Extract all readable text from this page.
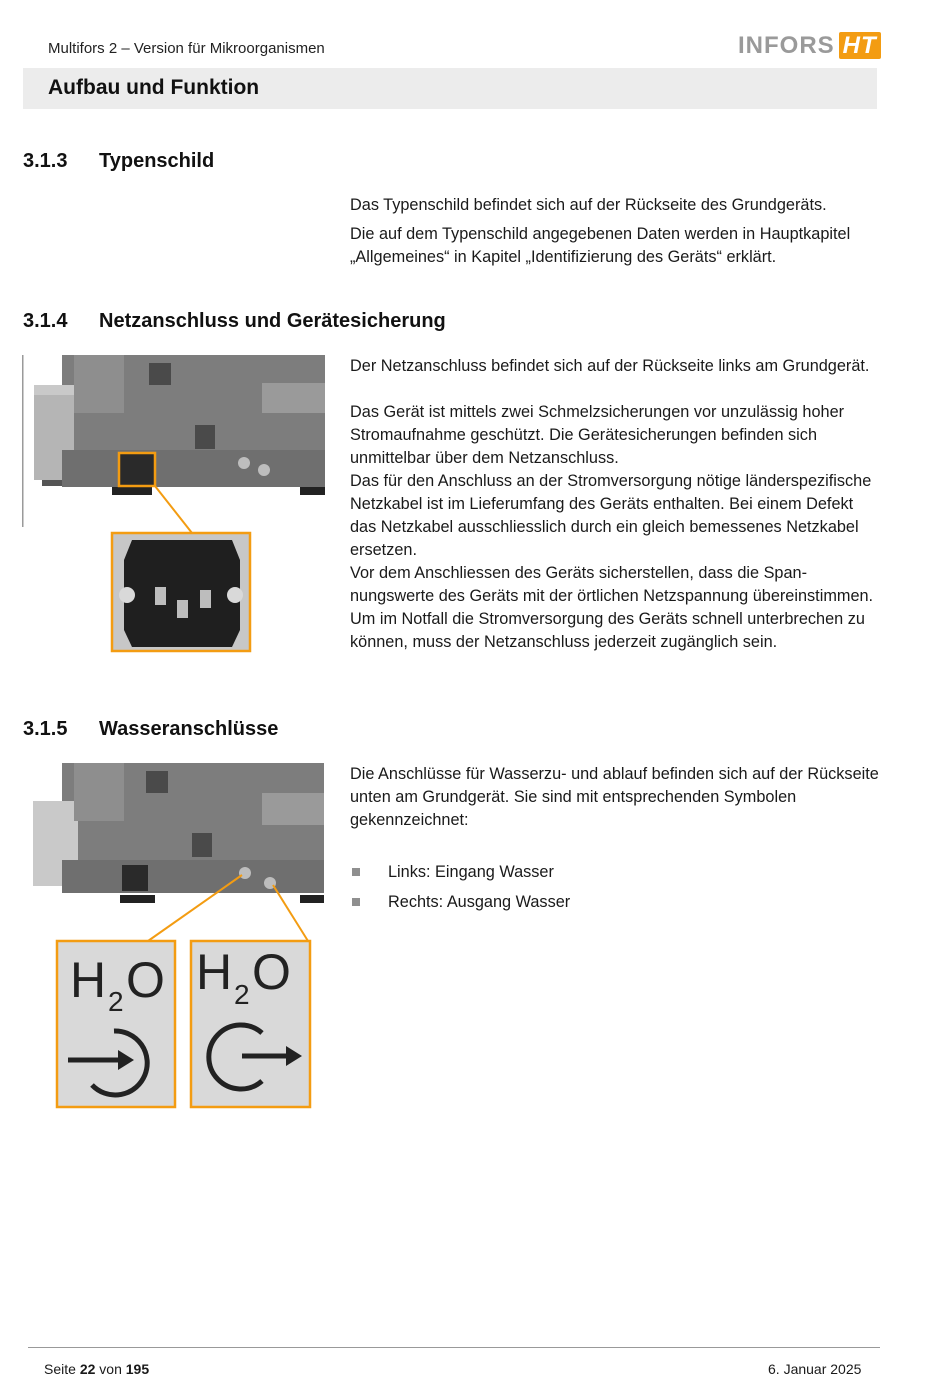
Multifors 2 – Version für Mikroorganismen	INFORS HT
Aufbau und Funktion
3.1.3 Typenschild

Das Typenschild befindet sich auf der Rückseite des Grundgeräts.

Die auf dem Typenschild angegebenen Daten werden in Hauptkapitel „Allgemeines“ in Kapitel „Identifizierung des Geräts“ erklärt.

3.1.4 Netzanschluss und Gerätesicherung

Der Netzanschluss befindet sich auf der Rückseite links am Grundgerät.

Das Gerät ist mittels zwei Schmelzsicherungen vor unzulässig hoher Stromaufnahme geschützt. Die Gerätesicherungen befinden sich unmittelbar über dem Netzanschluss.

Das für den Anschluss an der Stromversorgung nötige länderspezifische Netzkabel ist im Lieferumfang des Geräts enthalten. Bei einem Defekt das Netzkabel ausschliesslich durch ein gleich bemessenes Netzkabel ersetzen.

Vor dem Anschliessen des Geräts sicherstellen, dass die Spannungswerte des Geräts mit der örtlichen Netzspannung übereinstimmen. Um im Notfall die Stromversorgung des Geräts schnell unterbrechen zu können, muss der Netzanschluss jederzeit zugänglich sein.

3.1.5 Wasseranschlüsse
H 2 O H 2 O

Die Anschlüsse für Wasserzu- und ablauf befinden sich auf der Rückseite unten am Grundgerät. Sie sind mit entsprechenden Symbolen gekennzeichnet:

Links: Eingang Wasser
Rechts: Ausgang Wasser
Seite 22 von 195	6. Januar 2025
